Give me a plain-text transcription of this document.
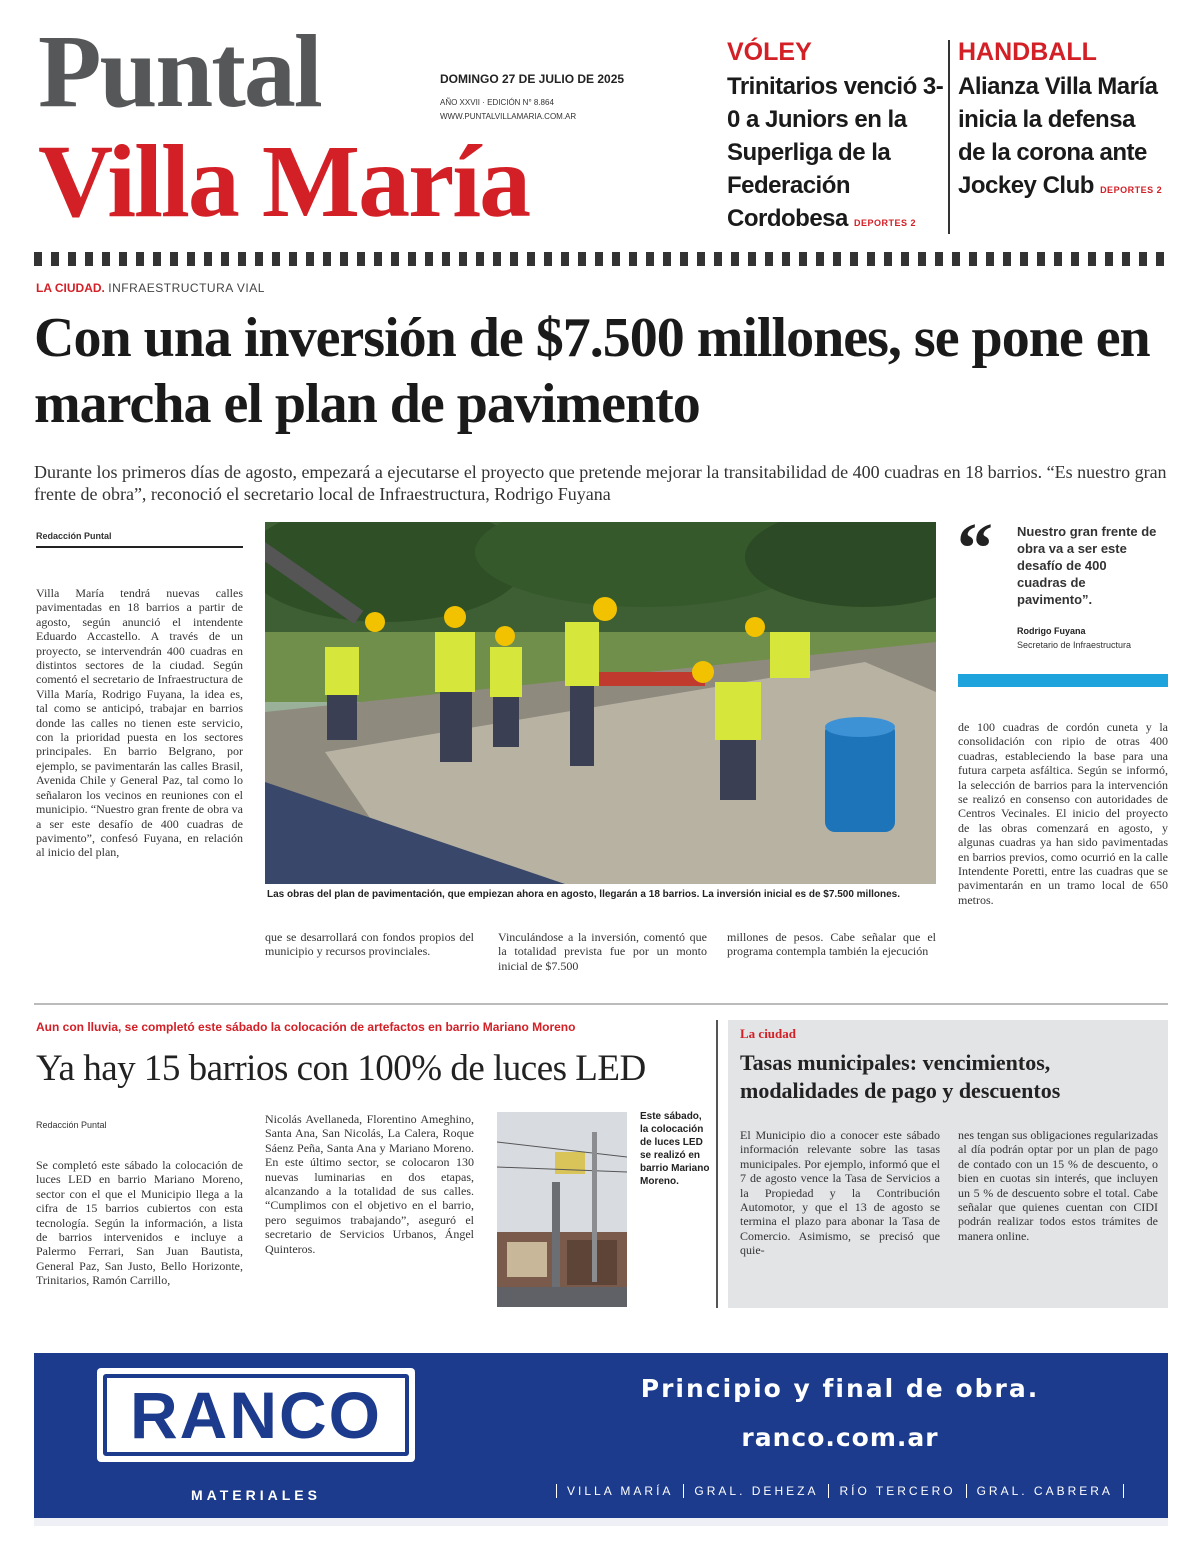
Puntal
Villa María
DOMINGO 27 DE JULIO DE 2025
AÑO XXVII · EDICIÓN N° 8.864
WWW.PUNTALVILLAMARIA.COM.AR
VÓLEY
Trinitarios venció 3-0 a Juniors en la Superliga de la Federación Cordobesa DEPORTES 2
HANDBALL
Alianza Villa María inicia la defensa de la corona ante Jockey Club DEPORTES 2
LA CIUDAD. INFRAESTRUCTURA VIAL
Con una inversión de $7.500 millones, se pone en marcha el plan de pavimento
Durante los primeros días de agosto, empezará a ejecutarse el proyecto que pretende mejorar la transitabilidad de 400 cuadras en 18 barrios. “Es nuestro gran frente de obra”, reconoció el secretario local de Infraestructura, Rodrigo Fuyana
Redacción Puntal
Villa María tendrá nuevas calles pavimentadas en 18 barrios a partir de agosto, según anunció el intendente Eduardo Accastello. A través de un proyecto, se intervendrán 400 cuadras en distintos sectores de la ciudad. Según comentó el secretario de Infraestructura de Villa María, Rodrigo Fuyana, la idea es, tal como se anticipó, trabajar en barrios donde las calles no tienen este servicio, con la prioridad puesta en los sectores principales. En barrio Belgrano, por ejemplo, se pavimentarán las calles Brasil, Avenida Chile y General Paz, tal como lo señalaron los vecinos en reuniones con el municipio. “Nuestro gran frente de obra va a ser este desafío de 400 cuadras de pavimento”, confesó Fuyana, en relación al inicio del plan,
Las obras del plan de pavimentación, que empiezan ahora en agosto, llegarán a 18 barrios. La inversión inicial es de $7.500 millones.
que se desarrollará con fondos propios del municipio y recursos provinciales.
Vinculándose a la inversión, comentó que la totalidad prevista fue por un monto inicial de $7.500
millones de pesos. Cabe señalar que el programa contempla también la ejecución
de 100 cuadras de cordón cuneta y la consolidación con ripio de otras 400 cuadras, estableciendo la base para una futura carpeta asfáltica. Según se informó, la selección de barrios para la intervención se realizó en consenso con autoridades de Centros Vecinales. El inicio del proyecto de las obras comenzará en agosto, y algunas cuadras ya han sido pavimentadas en barrios previos, como ocurrió en la calle Intendente Poretti, entre las cuadras que se pavimentarán en un tramo local de 650 metros.
“ Nuestro gran frente de obra va a ser este desafío de 400 cuadras de pavimento”.
Rodrigo Fuyana
Secretario de Infraestructura
Aun con lluvia, se completó este sábado la colocación de artefactos en barrio Mariano Moreno
Ya hay 15 barrios con 100% de luces LED
Redacción Puntal
Se completó este sábado la colocación de luces LED en barrio Mariano Moreno, sector con el que el Municipio llega a la cifra de 15 barrios cubiertos con esta tecnología. Según la información, a lista de barrios intervenidos e incluye a Palermo Ferrari, San Juan Bautista, General Paz, San Justo, Bello Horizonte, Trinitarios, Ramón Carrillo,
Nicolás Avellaneda, Florentino Ameghino, Santa Ana, San Nicolás, La Calera, Roque Sáenz Peña, Santa Ana y Mariano Moreno. En este último sector, se colocaron 130 nuevas luminarias en dos etapas, alcanzando a la totalidad de sus calles. “Cumplimos con el objetivo en el barrio, pero seguimos trabajando”, aseguró el secretario de Servicios Urbanos, Ángel Quinteros.
Este sábado, la colocación de luces LED se realizó en barrio Mariano Moreno.
La ciudad
Tasas municipales: vencimientos, modalidades de pago y descuentos
El Municipio dio a conocer este sábado información relevante sobre las tasas municipales. Por ejemplo, informó que el 7 de agosto vence la Tasa de Servicios a la Propiedad y la Contribución Automotor, y que el 13 de agosto se termina el plazo para abonar la Tasa de Comercio. Asimismo, se precisó que quie-
nes tengan sus obligaciones regularizadas al día podrán optar por un plan de pago de contado con un 15 % de descuento, o bien en cuotas sin interés, que incluyen un 5 % de descuento sobre el total. Cabe señalar que quienes cuentan con CIDI podrán realizar todos estos trámites de manera online.
RANCO
MATERIALES
Principio y final de obra.
ranco.com.ar
VILLA MARÍA	GRAL. DEHEZA	RÍO TERCERO	GRAL. CABRERA
